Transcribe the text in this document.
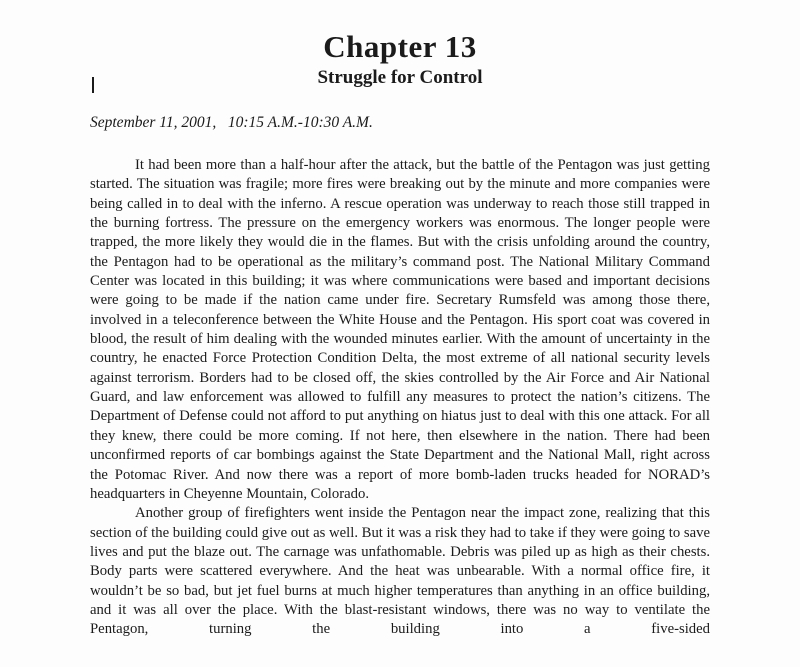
Chapter 13
Struggle for Control
September 11, 2001,   10:15 A.M.-10:30 A.M.

It had been more than a half-hour after the attack, but the battle of the Pentagon was just getting started. The situation was fragile; more fires were breaking out by the minute and more companies were being called in to deal with the inferno. A rescue operation was underway to reach those still trapped in the burning fortress. The pressure on the emergency workers was enormous. The longer people were trapped, the more likely they would die in the flames. But with the crisis unfolding around the country, the Pentagon had to be operational as the military’s command post. The National Military Command Center was located in this building; it was where communications were based and important decisions were going to be made if the nation came under fire. Secretary Rumsfeld was among those there, involved in a teleconference between the White House and the Pentagon. His sport coat was covered in blood, the result of him dealing with the wounded minutes earlier. With the amount of uncertainty in the country, he enacted Force Protection Condition Delta, the most extreme of all national security levels against terrorism. Borders had to be closed off, the skies controlled by the Air Force and Air National Guard, and law enforcement was allowed to fulfill any measures to protect the nation’s citizens. The Department of Defense could not afford to put anything on hiatus just to deal with this one attack. For all they knew, there could be more coming. If not here, then elsewhere in the nation. There had been unconfirmed reports of car bombings against the State Department and the National Mall, right across the Potomac River. And now there was a report of more bomb-laden trucks headed for NORAD’s headquarters in Cheyenne Mountain, Colorado.

Another group of firefighters went inside the Pentagon near the impact zone, realizing that this section of the building could give out as well. But it was a risk they had to take if they were going to save lives and put the blaze out. The carnage was unfathomable. Debris was piled up as high as their chests. Body parts were scattered everywhere. And the heat was unbearable. With a normal office fire, it wouldn’t be so bad, but jet fuel burns at much higher temperatures than anything in an office building, and it was all over the place. With the blast-resistant windows, there was no way to ventilate the Pentagon, turning the building into a five-sided
